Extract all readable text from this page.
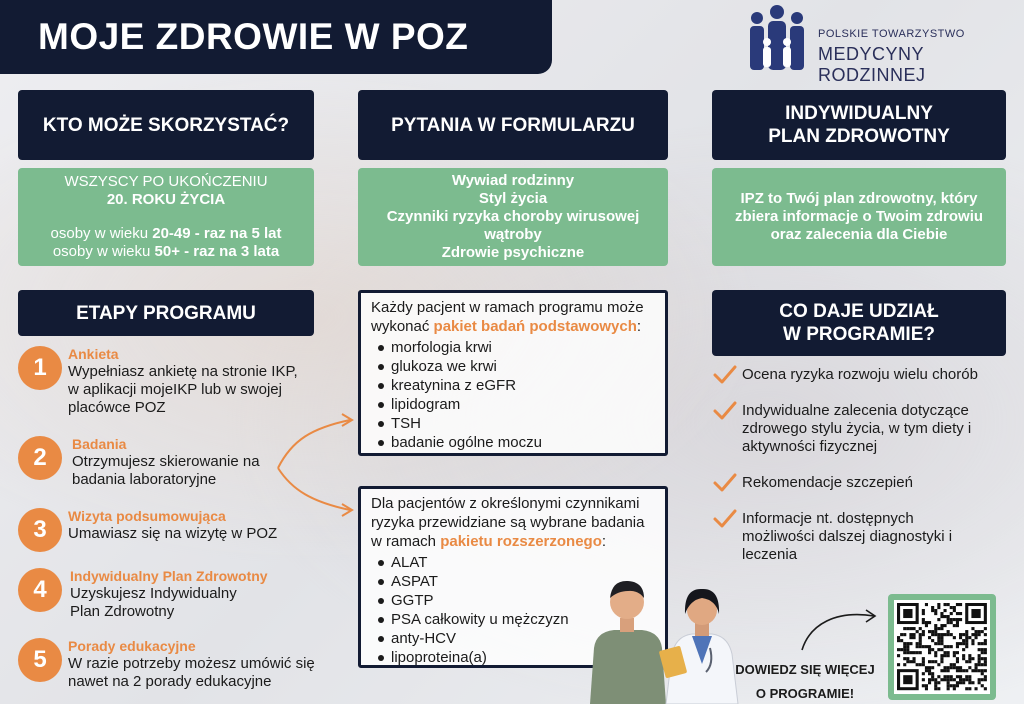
MOJE ZDROWIE W POZ	POLSKIE TOWARZYSTWO
MEDYCYNY RODZINNEJ
KTO MOŻE SKORZYSTAĆ?
WSZYSCY PO UKOŃCZENIU
20. ROKU ŻYCIA
osoby w wieku 20-49 - raz na 5 lat
osoby w wieku 50+ - raz na 3 lata
PYTANIA W FORMULARZU
Wywiad rodzinny
Styl życia
Czynniki ryzyka choroby wirusowej wątroby
Zdrowie psychiczne
INDYWIDUALNY
PLAN ZDROWOTNY
IPZ to Twój plan zdrowotny, który zbiera informacje o Twoim zdrowiu oraz zalecenia dla Ciebie
ETAPY PROGRAMU
1	Ankieta
Wypełniasz ankietę na stronie IKP, w aplikacji mojeIKP lub w swojej placówce POZ
2	Badania
Otrzymujesz skierowanie na badania laboratoryjne
3	Wizyta podsumowująca
Umawiasz się na wizytę w POZ
4	Indywidualny Plan Zdrowotny
Uzyskujesz Indywidualny Plan Zdrowotny
5	Porady edukacyjne
W razie potrzeby możesz umówić się nawet na 2 porady edukacyjne
Każdy pacjent w ramach programu może wykonać pakiet badań podstawowych:
morfologia krwi
glukoza we krwi
kreatynina z eGFR
lipidogram
TSH
badanie ogólne moczu
Dla pacjentów z określonymi czynnikami ryzyka przewidziane są wybrane badania w ramach pakietu rozszerzonego:
ALAT
ASPAT
GGTP
PSA całkowity u mężczyzn
anty-HCV
lipoproteina(a)
CO DAJE UDZIAŁ
W PROGRAMIE?
Ocena ryzyka rozwoju wielu chorób
Indywidualne zalecenia dotyczące zdrowego stylu życia, w tym diety i aktywności fizycznej
Rekomendacje szczepień
Informacje nt. dostępnych możliwości dalszej diagnostyki i leczenia
DOWIEDZ SIĘ WIĘCEJ
O PROGRAMIE!
